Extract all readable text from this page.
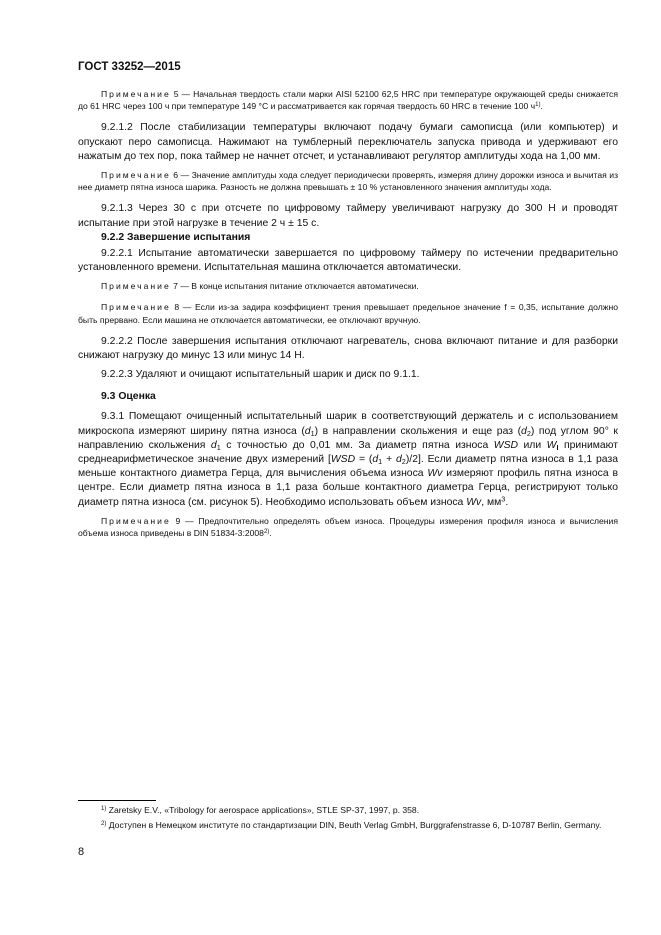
ГОСТ 33252—2015

Примечание 5 — Начальная твердость стали марки AISI 52100 62,5 HRC при температуре окружающей среды снижается до 61 HRC через 100 ч при температуре 149 °С и рассматривается как горячая твердость 60 HRC в течение 100 $ч^{1)}$.

9.2.1.2 После стабилизации температуры включают подачу бумаги самописца (или компьютер) и опускают перо самописца. Нажимают на тумблерный переключатель запуска привода и удерживают его нажатым до тех пор, пока таймер не начнет отсчет, и устанавливают регулятор амплитуды хода на 1,00 мм.

Примечание 6 — Значение амплитуды хода следует периодически проверять, измеряя длину дорожки износа и вычитая из нее диаметр пятна износа шарика. Разность не должна превышать ± 10 % установленного значения амплитуды хода.

9.2.1.3 Через 30 с при отсчете по цифровому таймеру увеличивают нагрузку до 300 Н и проводят испытание при этой нагрузке в течение 2 ч ± 15 с.

9.2.2 Завершение испытания

9.2.2.1 Испытание автоматически завершается по цифровому таймеру по истечении предварительно установленного времени. Испытательная машина отключается автоматически.

Примечание 7 — В конце испытания питание отключается автоматически.

Примечание 8 — Если из-за задира коэффициент трения превышает предельное значение f = 0,35, испытание должно быть прервано. Если машина не отключается автоматически, ее отключают вручную.

9.2.2.2 После завершения испытания отключают нагреватель, снова включают питание и для разборки снижают нагрузку до минус 13 или минус 14 Н.

9.2.2.3 Удаляют и очищают испытательный шарик и диск по 9.1.1.

9.3 Оценка

9.3.1 Помещают очищенный испытательный шарик в соответствующий держатель и с использованием микроскопа измеряют ширину пятна износа $(d_1)$ в направлении скольжения и еще раз $(d_2)$ под углом 90° к направлению скольжения $d_1$ с точностью до 0,01 мм. За диаметр пятна износа WSD или $W_I$ принимают среднеарифметическое значение двух измерений $[WSD = (d_1 + d_2)/2]$. Если диаметр пятна износа в 1,1 раза меньше контактного диаметра Герца, для вычисления объема износа Wv измеряют профиль пятна износа в центре. Если диаметр пятна износа в 1,1 раза больше контактного диаметра Герца, регистрируют только диаметр пятна износа (см. рисунок 5). Необходимо использовать объем износа Wv, $мм^3$.

Примечание 9 — Предпочтительно определять объем износа. Процедуры измерения профиля износа и вычисления объема износа приведены в DIN 51834-3:2008$^{2)}$.

$^{1)}$ Zaretsky E.V., «Tribology for aerospace applications», STLE SP-37, 1997, p. 358.

$^{2)}$ Доступен в Немецком институте по стандартизации DIN, Beuth Verlag GmbH, Burggrafenstrasse 6, D-10787 Berlin, Germany.

8
